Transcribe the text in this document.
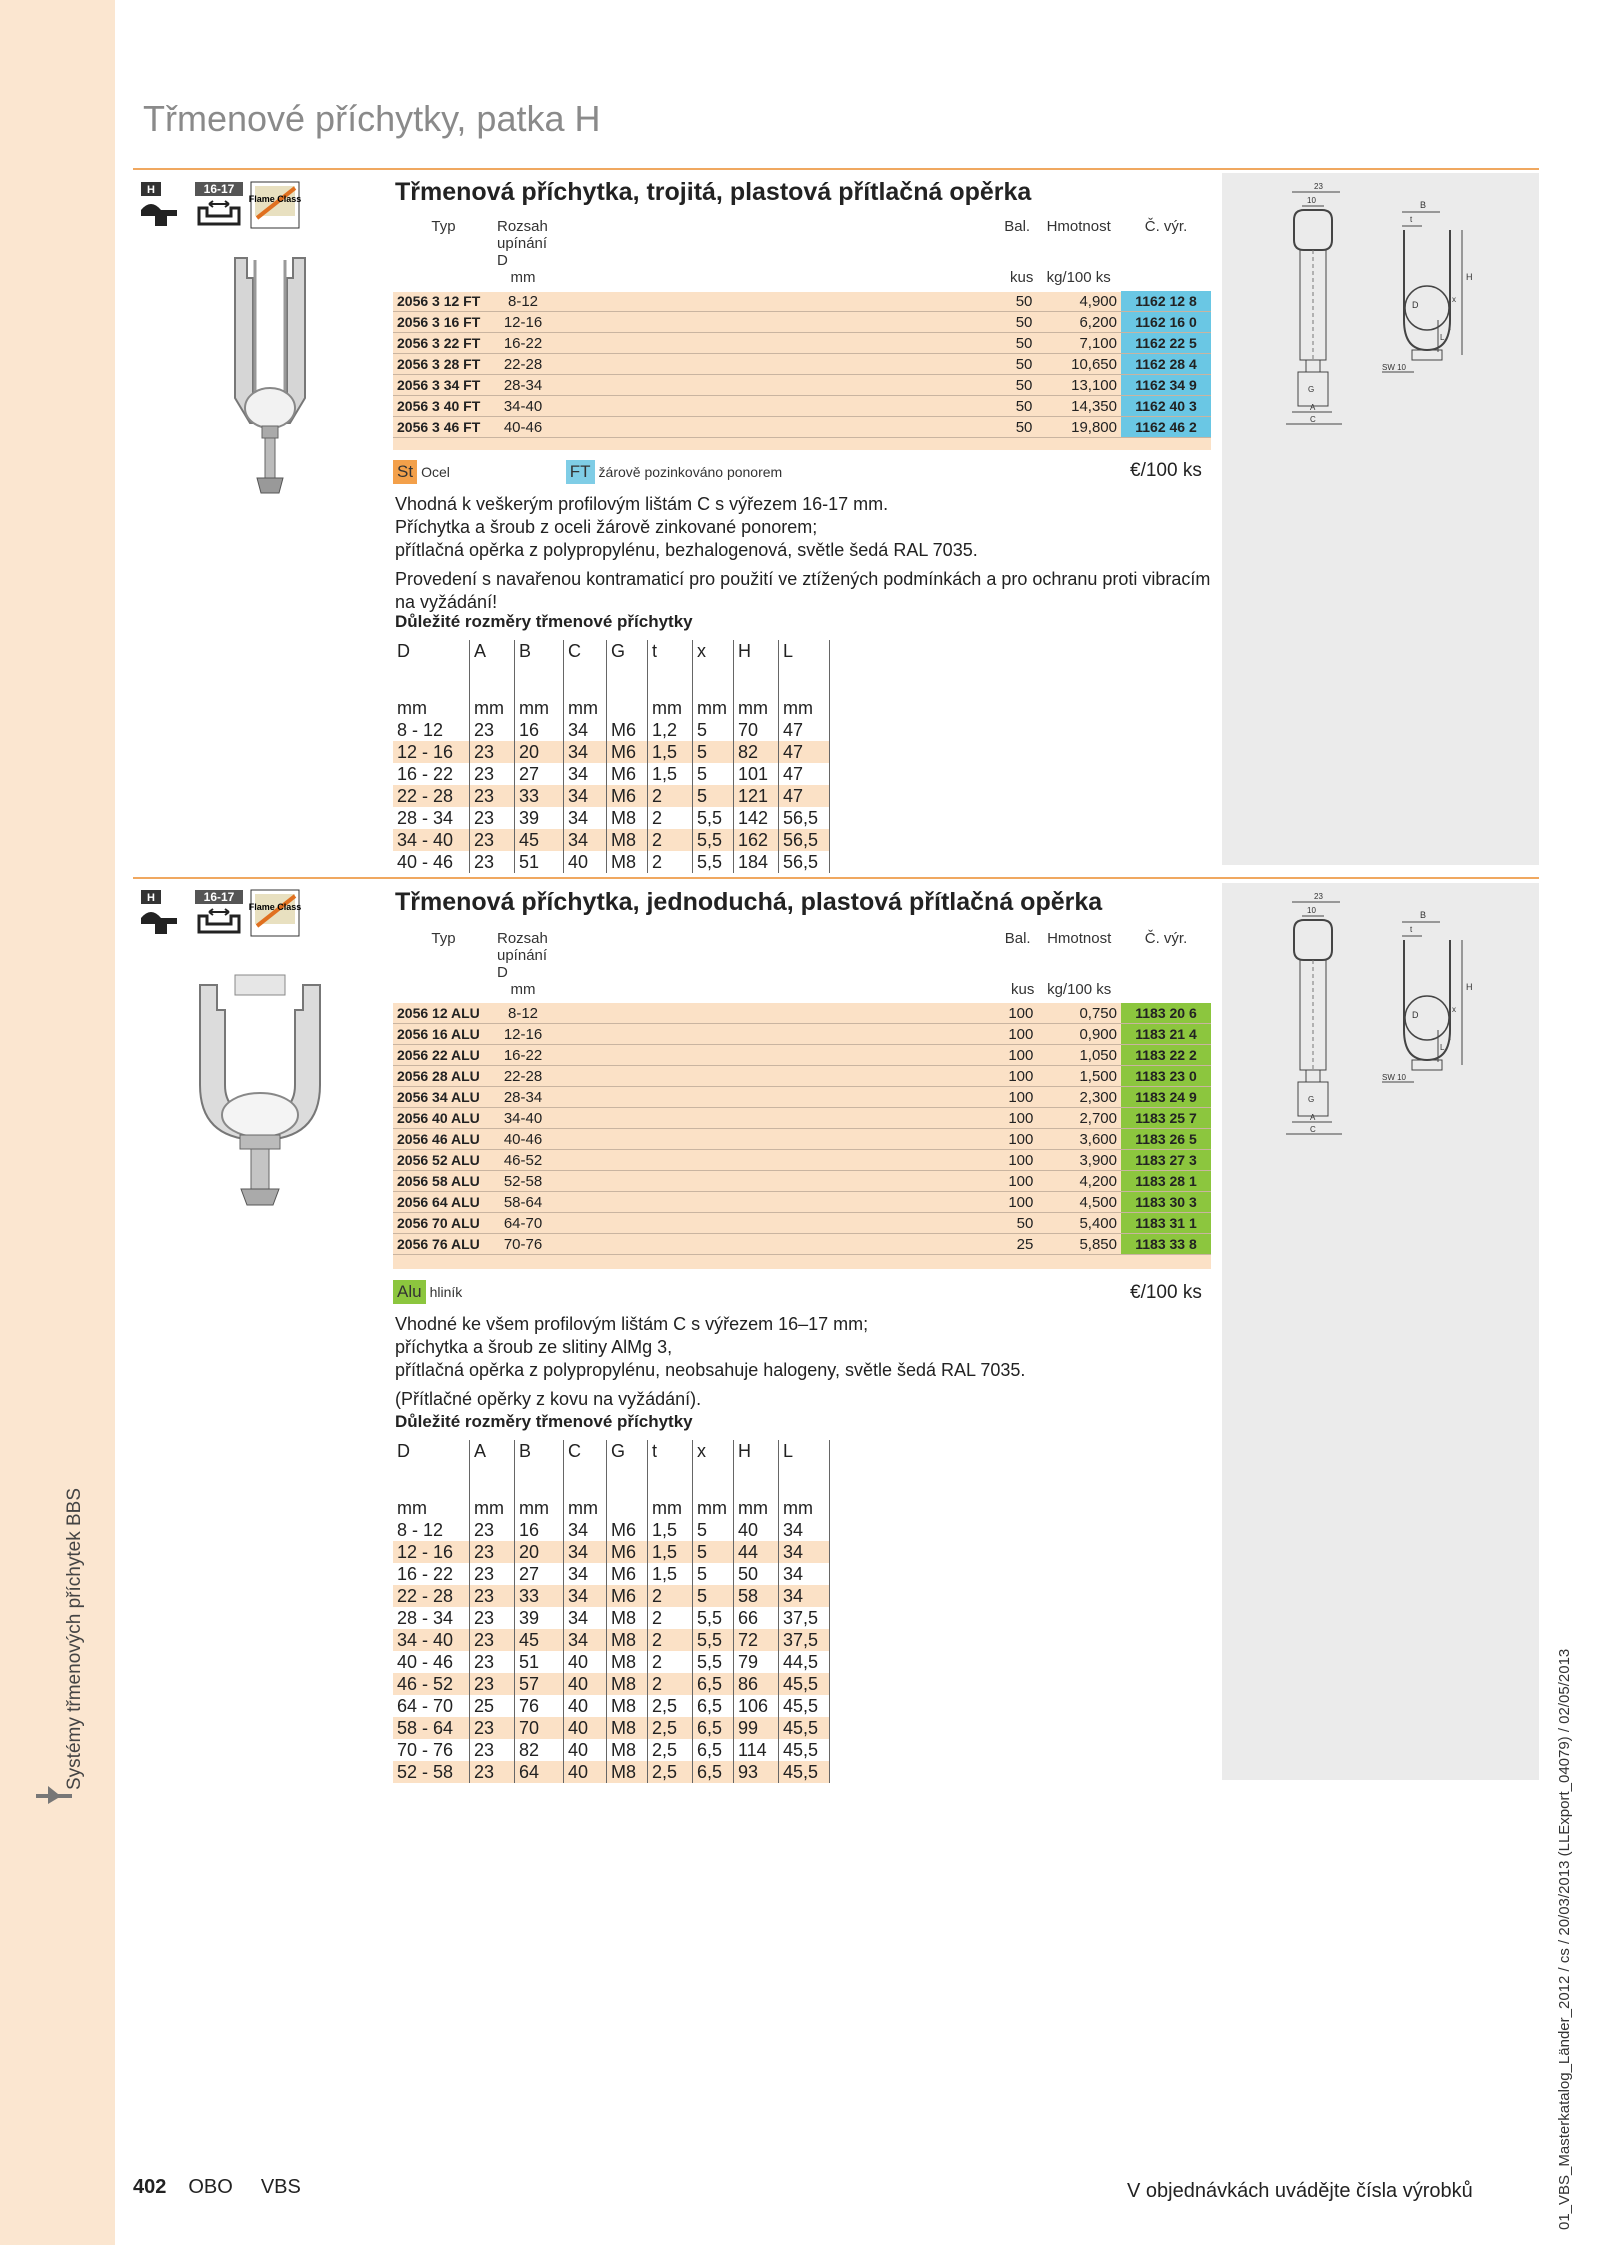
Systémy třmenových příchytek BBS
Třmenové příchytky, patka H
H	16-17
Flame Class	Třmenová příchytka, trojitá, plastová přítlačná opěrka
Typ	Rozsah
upínání D		Bal.	Hmotnost	Č. výr.
	mm		kus	kg/100 ks	
2056 3 12 FT	8-12		50	4,900	1162 12 8
2056 3 16 FT	12-16		50	6,200	1162 16 0
2056 3 22 FT	16-22		50	7,100	1162 22 5
2056 3 28 FT	22-28		50	10,650	1162 28 4
2056 3 34 FT	28-34		50	13,100	1162 34 9
2056 3 40 FT	34-40		50	14,350	1162 40 3
2056 3 46 FT	40-46		50	19,800	1162 46 2
St Ocel	FT žárově pozinkováno ponorem	€/100 ks

Vhodná k veškerým profilovým lištám C s výřezem 16-17 mm.
Příchytka a šroub z oceli žárově zinkované ponorem;
přítlačná opěrka z polypropylénu, bezhalogenová, světle šedá RAL 7035.

Provedení s navařenou kontramaticí pro použití ve ztížených podmínkách a pro ochranu proti vibracím na vyžádání!

Důležité rozměry třmenové příchytky
D	A	B	C	G	t	x	H	L

mm	mm	mm	mm		mm	mm	mm	mm
8 - 12	23	16	34	M6	1,2	5	70	47
12 - 16	23	20	34	M6	1,5	5	82	47
16 - 22	23	27	34	M6	1,5	5	101	47
22 - 28	23	33	34	M6	2	5	121	47
28 - 34	23	39	34	M8	2	5,5	142	56,5
34 - 40	23	45	34	M8	2	5,5	162	56,5
40 - 46	23	51	40	M8	2	5,5	184	56,5
23
10
G
A
C
B
t
D
H
x
L
SW 10
H	16-17
Flame Class	Třmenová příchytka, jednoduchá, plastová přítlačná opěrka
Typ	Rozsah
upínání D		Bal.	Hmotnost	Č. výr.
	mm		kus	kg/100 ks	
2056 12 ALU	8-12		100	0,750	1183 20 6
2056 16 ALU	12-16		100	0,900	1183 21 4
2056 22 ALU	16-22		100	1,050	1183 22 2
2056 28 ALU	22-28		100	1,500	1183 23 0
2056 34 ALU	28-34		100	2,300	1183 24 9
2056 40 ALU	34-40		100	2,700	1183 25 7
2056 46 ALU	40-46		100	3,600	1183 26 5
2056 52 ALU	46-52		100	3,900	1183 27 3
2056 58 ALU	52-58		100	4,200	1183 28 1
2056 64 ALU	58-64		100	4,500	1183 30 3
2056 70 ALU	64-70		50	5,400	1183 31 1
2056 76 ALU	70-76		25	5,850	1183 33 8
Alu hliník	€/100 ks

Vhodné ke všem profilovým lištám C s výřezem 16–17 mm;
příchytka a šroub ze slitiny AlMg 3,
přítlačná opěrka z polypropylénu, neobsahuje halogeny, světle šedá RAL 7035.

(Přítlačné opěrky z kovu na vyžádání).

Důležité rozměry třmenové příchytky
D	A	B	C	G	t	x	H	L

mm	mm	mm	mm		mm	mm	mm	mm
8 - 12	23	16	34	M6	1,5	5	40	34
12 - 16	23	20	34	M6	1,5	5	44	34
16 - 22	23	27	34	M6	1,5	5	50	34
22 - 28	23	33	34	M6	2	5	58	34
28 - 34	23	39	34	M8	2	5,5	66	37,5
34 - 40	23	45	34	M8	2	5,5	72	37,5
40 - 46	23	51	40	M8	2	5,5	79	44,5
46 - 52	23	57	40	M8	2	6,5	86	45,5
64 - 70	25	76	40	M8	2,5	6,5	106	45,5
58 - 64	23	70	40	M8	2,5	6,5	99	45,5
70 - 76	23	82	40	M8	2,5	6,5	114	45,5
52 - 58	23	64	40	M8	2,5	6,5	93	45,5
23
10
G
A
C
B
t
D
H
x
L
SW 10
402 OBO VBS	V objednávkách uvádějte čísla výrobků	01_VBS_Masterkatalog_Länder_2012 / cs / 20/03/2013 (LLExport_04079) / 02/05/2013
